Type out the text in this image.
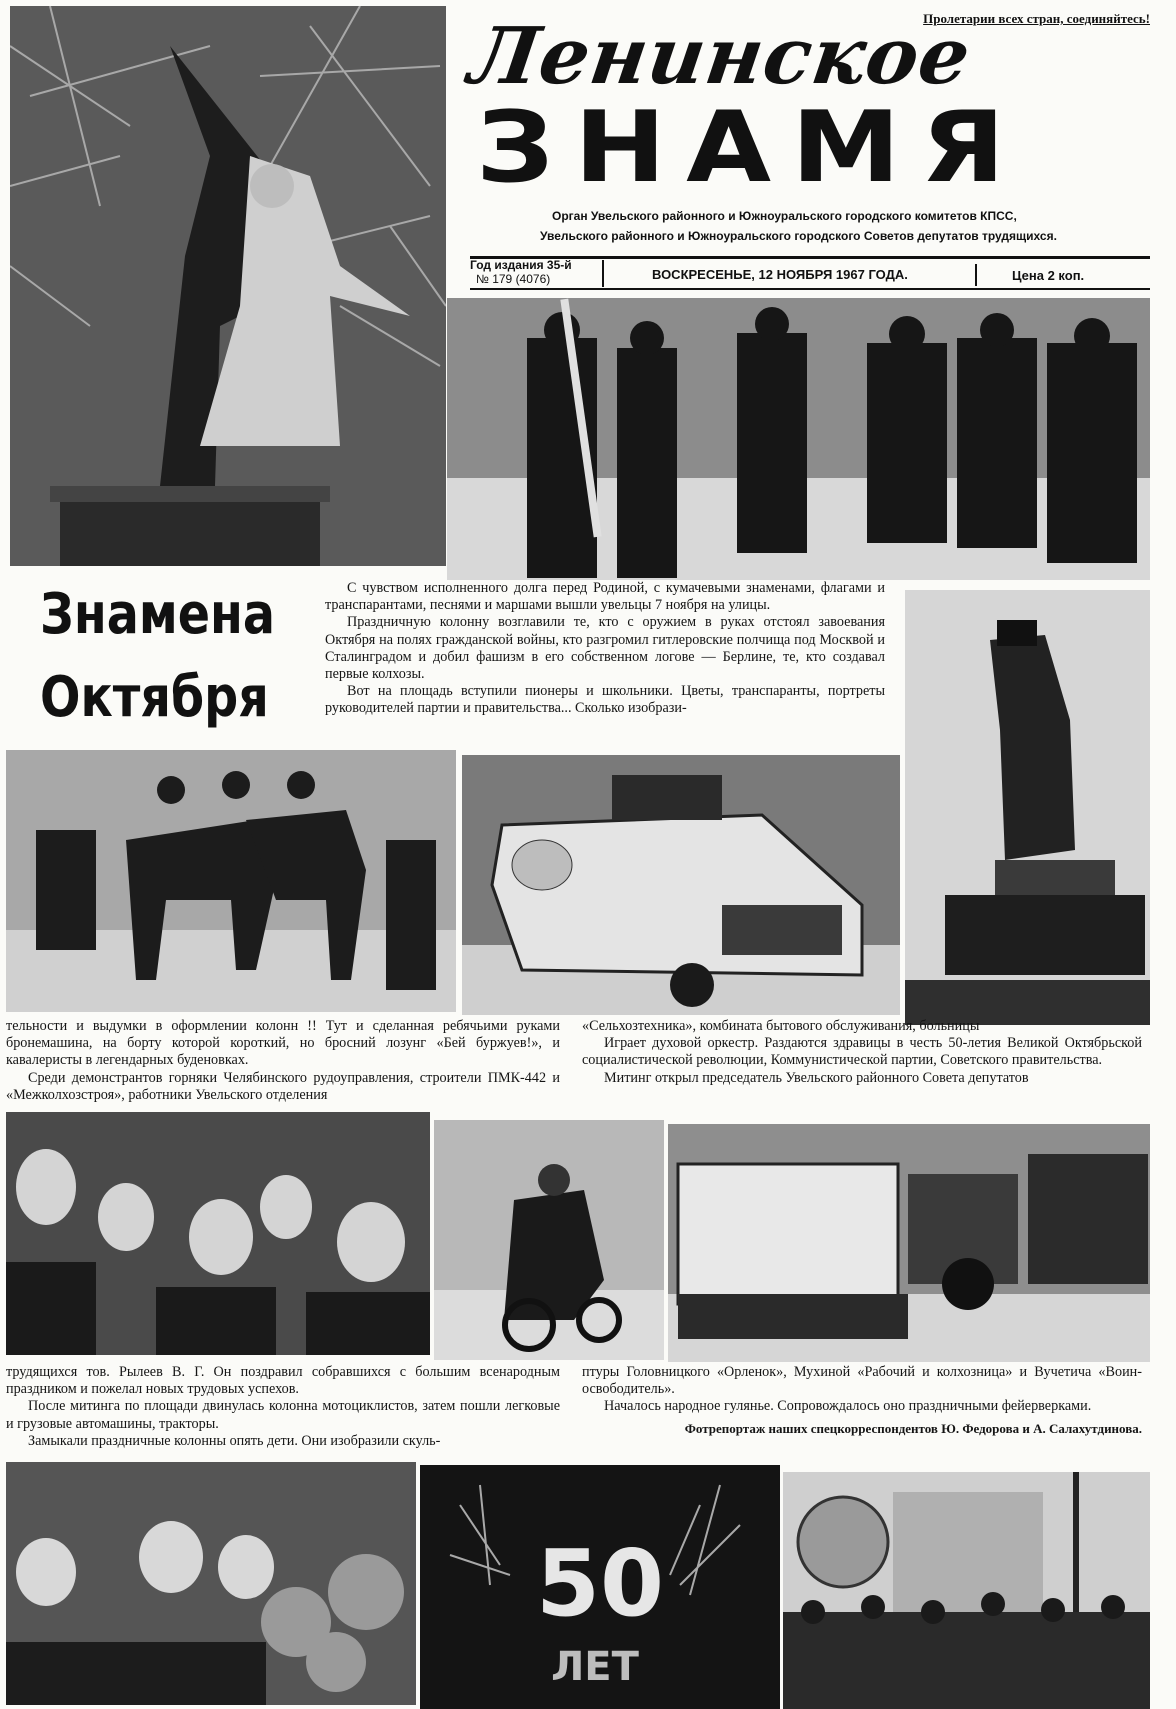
Пролетарии всех стран, соединяйтесь!
Ленинское
ЗНАМЯ
Орган Увельского районного и Южноуральского городского комитетов КПСС,
Увельского районного и Южноуральского городского Советов депутатов трудящихся.
Год издания 35-й
№ 179 (4076)	ВОСКРЕСЕНЬЕ, 12 НОЯБРЯ 1967 ГОДА.	Цена 2 коп.
Знамена
Октября

С чувством исполненного долга перед Родиной, с кумачевыми знаменами, флагами и транспарантами, песнями и маршами вышли увельцы 7 ноября на улицы.

Праздничную колонну возглавили те, кто с оружием в руках отстоял завоевания Октября на полях гражданской войны, кто разгромил гитлеровские полчища под Москвой и Сталинградом и добил фашизм в его собственном логове — Берлине, те, кто создавал первые колхозы.

Вот на площадь вступили пионеры и школьники. Цветы, транспаранты, портреты руководителей партии и правительства... Сколько изобрази-

тельности и выдумки в оформлении колонн !! Тут и сделанная ребячьими руками бронемашина, на борту которой короткий, но бросний лозунг «Бей буржуев!», и кавалеристы в легендарных буденовках.

Среди демонстрантов горняки Челябинского рудоуправления, строители ПМК-442 и «Межколхозстроя», работники Увельского отделения

«Сельхозтехника», комбината бытового обслуживания, больницы

Играет духовой оркестр. Раздаются здравицы в честь 50-летия Великой Октябрьской социалистической революции, Коммунистической партии, Советского правительства.

Митинг открыл председатель Увельского районного Совета депутатов

трудящихся тов. Рылеев В. Г. Он поздравил собравшихся с большим всенародным праздником и пожелал новых трудовых успехов.

После митинга по площади двинулась колонна мотоциклистов, затем пошли легковые и грузовые автомашины, тракторы.

Замыкали праздничные колонны опять дети. Они изобразили скуль-

птуры Головницкого «Орленок», Мухиной «Рабочий и колхозница» и Вучетича «Воин-освободитель».

Началось народное гулянье. Сопровождалось оно праздничными фейерверками.

Фотрепортаж наших спецкорреспондентов Ю. Федорова и А. Салахутдинова.

50
ЛЕТ
